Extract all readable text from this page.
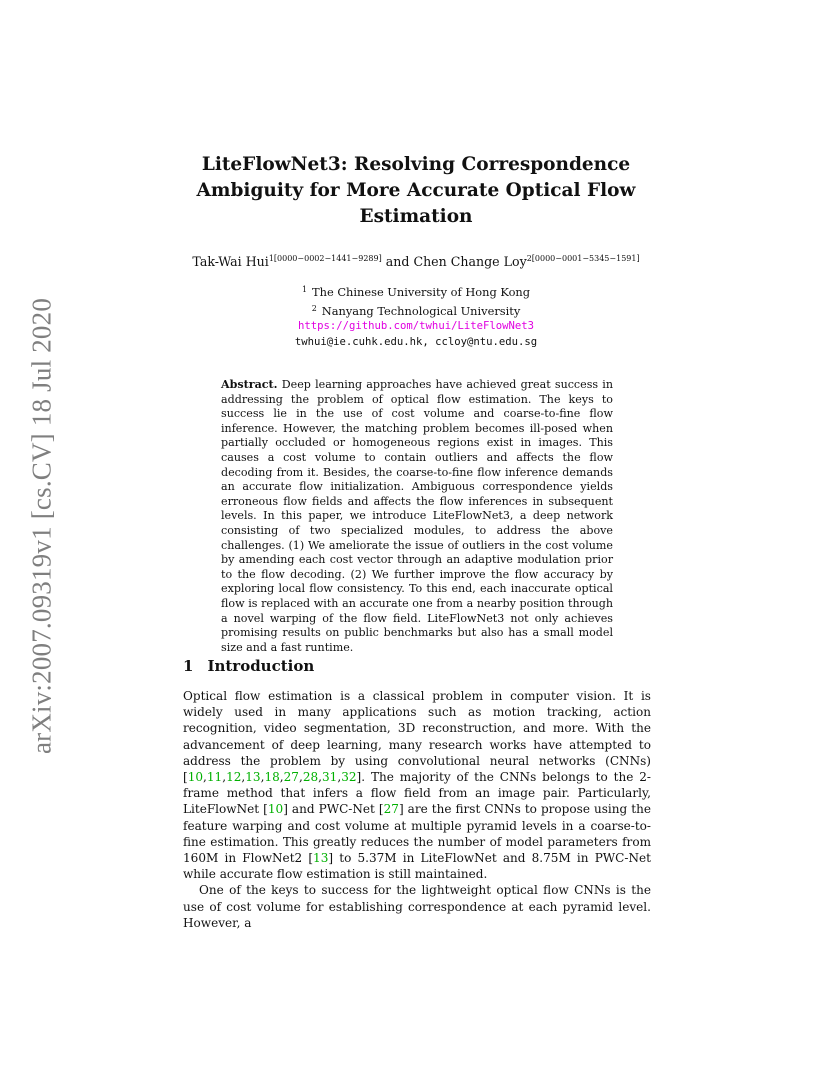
arXiv:2007.09319v1 [cs.CV] 18 Jul 2020
LiteFlowNet3: Resolving Correspondence Ambiguity for More Accurate Optical Flow Estimation
Tak-Wai Hui$^{1[0000-0002-1441-9289]}$ and Chen Change Loy$^{2[0000-0001-5345-1591]}$
$^1$ The Chinese University of Hong Kong
$^2$ Nanyang Technological University
https://github.com/twhui/LiteFlowNet3
twhui@ie.cuhk.edu.hk, ccloy@ntu.edu.sg

Abstract. Deep learning approaches have achieved great success in addressing the problem of optical flow estimation. The keys to success lie in the use of cost volume and coarse-to-fine flow inference. However, the matching problem becomes ill-posed when partially occluded or homogeneous regions exist in images. This causes a cost volume to contain outliers and affects the flow decoding from it. Besides, the coarse-to-fine flow inference demands an accurate flow initialization. Ambiguous correspondence yields erroneous flow fields and affects the flow inferences in subsequent levels. In this paper, we introduce LiteFlowNet3, a deep network consisting of two specialized modules, to address the above challenges. (1) We ameliorate the issue of outliers in the cost volume by amending each cost vector through an adaptive modulation prior to the flow decoding. (2) We further improve the flow accuracy by exploring local flow consistency. To this end, each inaccurate optical flow is replaced with an accurate one from a nearby position through a novel warping of the flow field. LiteFlowNet3 not only achieves promising results on public benchmarks but also has a small model size and a fast runtime.

1 Introduction

Optical flow estimation is a classical problem in computer vision. It is widely used in many applications such as motion tracking, action recognition, video segmentation, 3D reconstruction, and more. With the advancement of deep learning, many research works have attempted to address the problem by using convolutional neural networks (CNNs) [10,11,12,13,18,27,28,31,32]. The majority of the CNNs belongs to the 2-frame method that infers a flow field from an image pair. Particularly, LiteFlowNet [10] and PWC-Net [27] are the first CNNs to propose using the feature warping and cost volume at multiple pyramid levels in a coarse-to-fine estimation. This greatly reduces the number of model parameters from 160M in FlowNet2 [13] to 5.37M in LiteFlowNet and 8.75M in PWC-Net while accurate flow estimation is still maintained.

One of the keys to success for the lightweight optical flow CNNs is the use of cost volume for establishing correspondence at each pyramid level. However, a
